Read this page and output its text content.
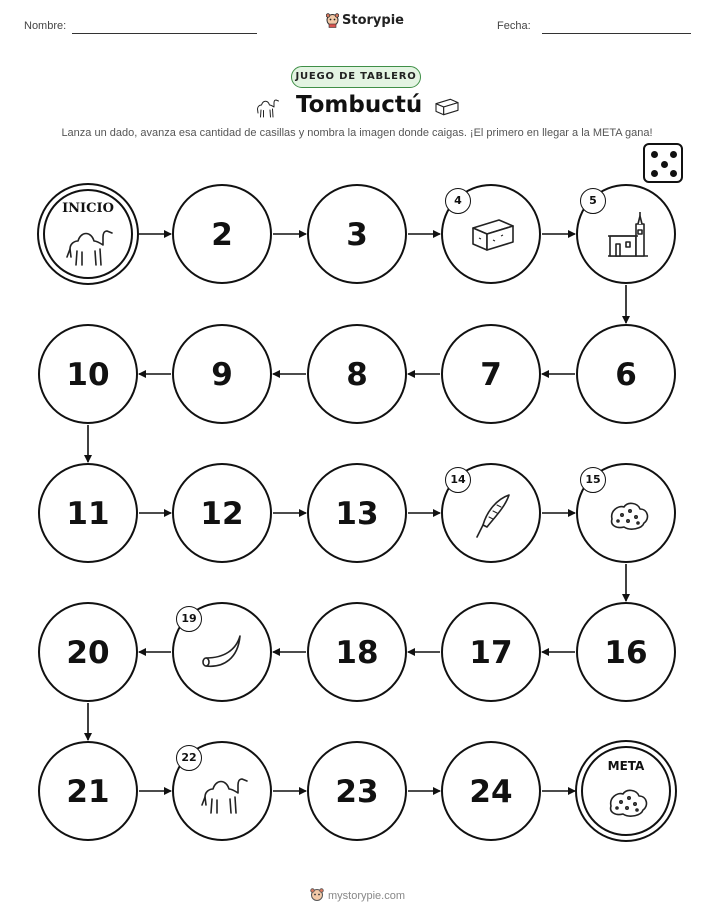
Nombre:	Storypie	Fecha:
JUEGO DE TABLERO
Tombuctú
Lanza un dado, avanza esa cantidad de casillas y nombra la imagen donde caigas. ¡El primero en llegar a la META gana!
INICIO
2	3
4	5
6
7
8
9
10
11	12	13
14	15
16
17
18
19
20
21
22
23	24
META
mystorypie.com
